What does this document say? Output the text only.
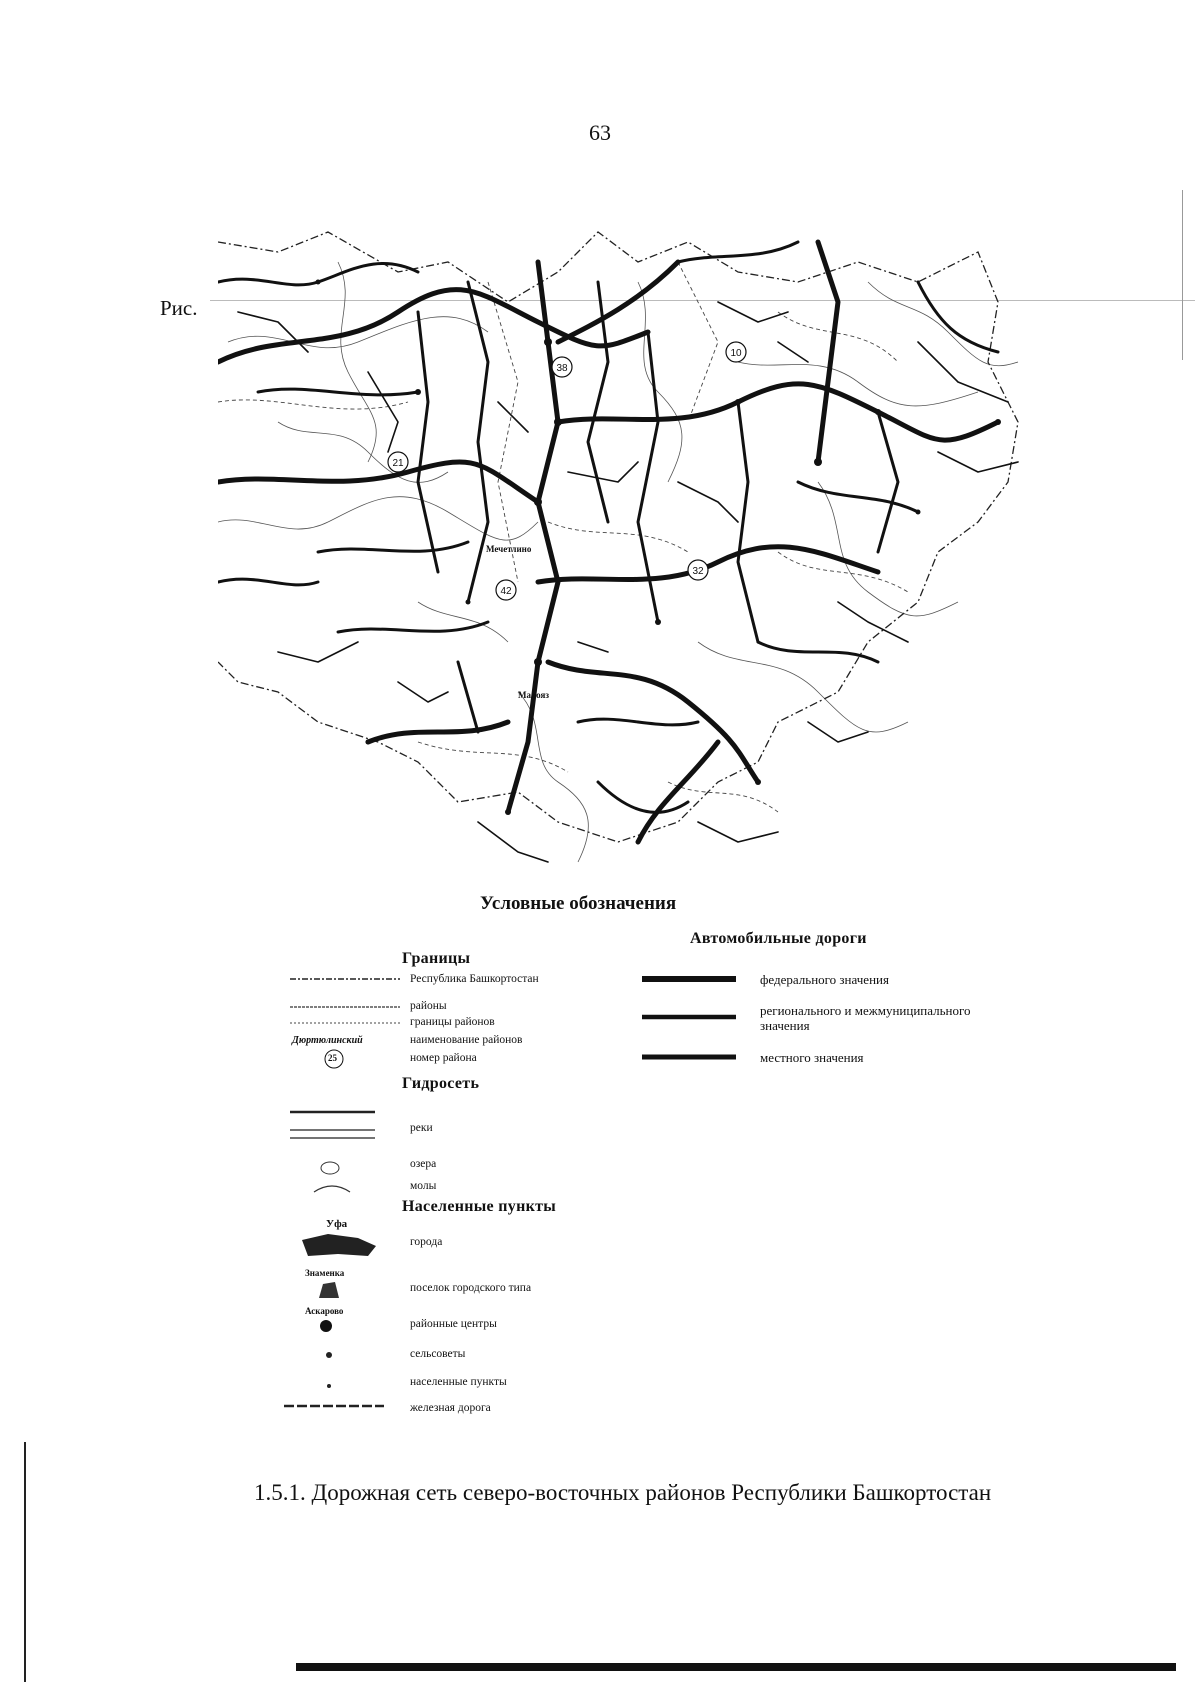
63
Рис.
38
10
21
42
32
Мечетлино
Малояз
Условные обозначения
Границы
Республика Башкортостан
районы
границы районов
Дюртюлинский	наименование районов
25	номер района
Гидросеть
реки
озера
молы
Населенные пункты
Уфа
города
Знаменка
поселок городского типа
Аскарово
районные центры
сельсоветы
населенные пункты
железная дорога
Автомобильные дороги
федерального значения
регионального и межмуниципального значения
местного значения
1.5.1. Дорожная сеть северо-восточных районов Республики Башкортостан
